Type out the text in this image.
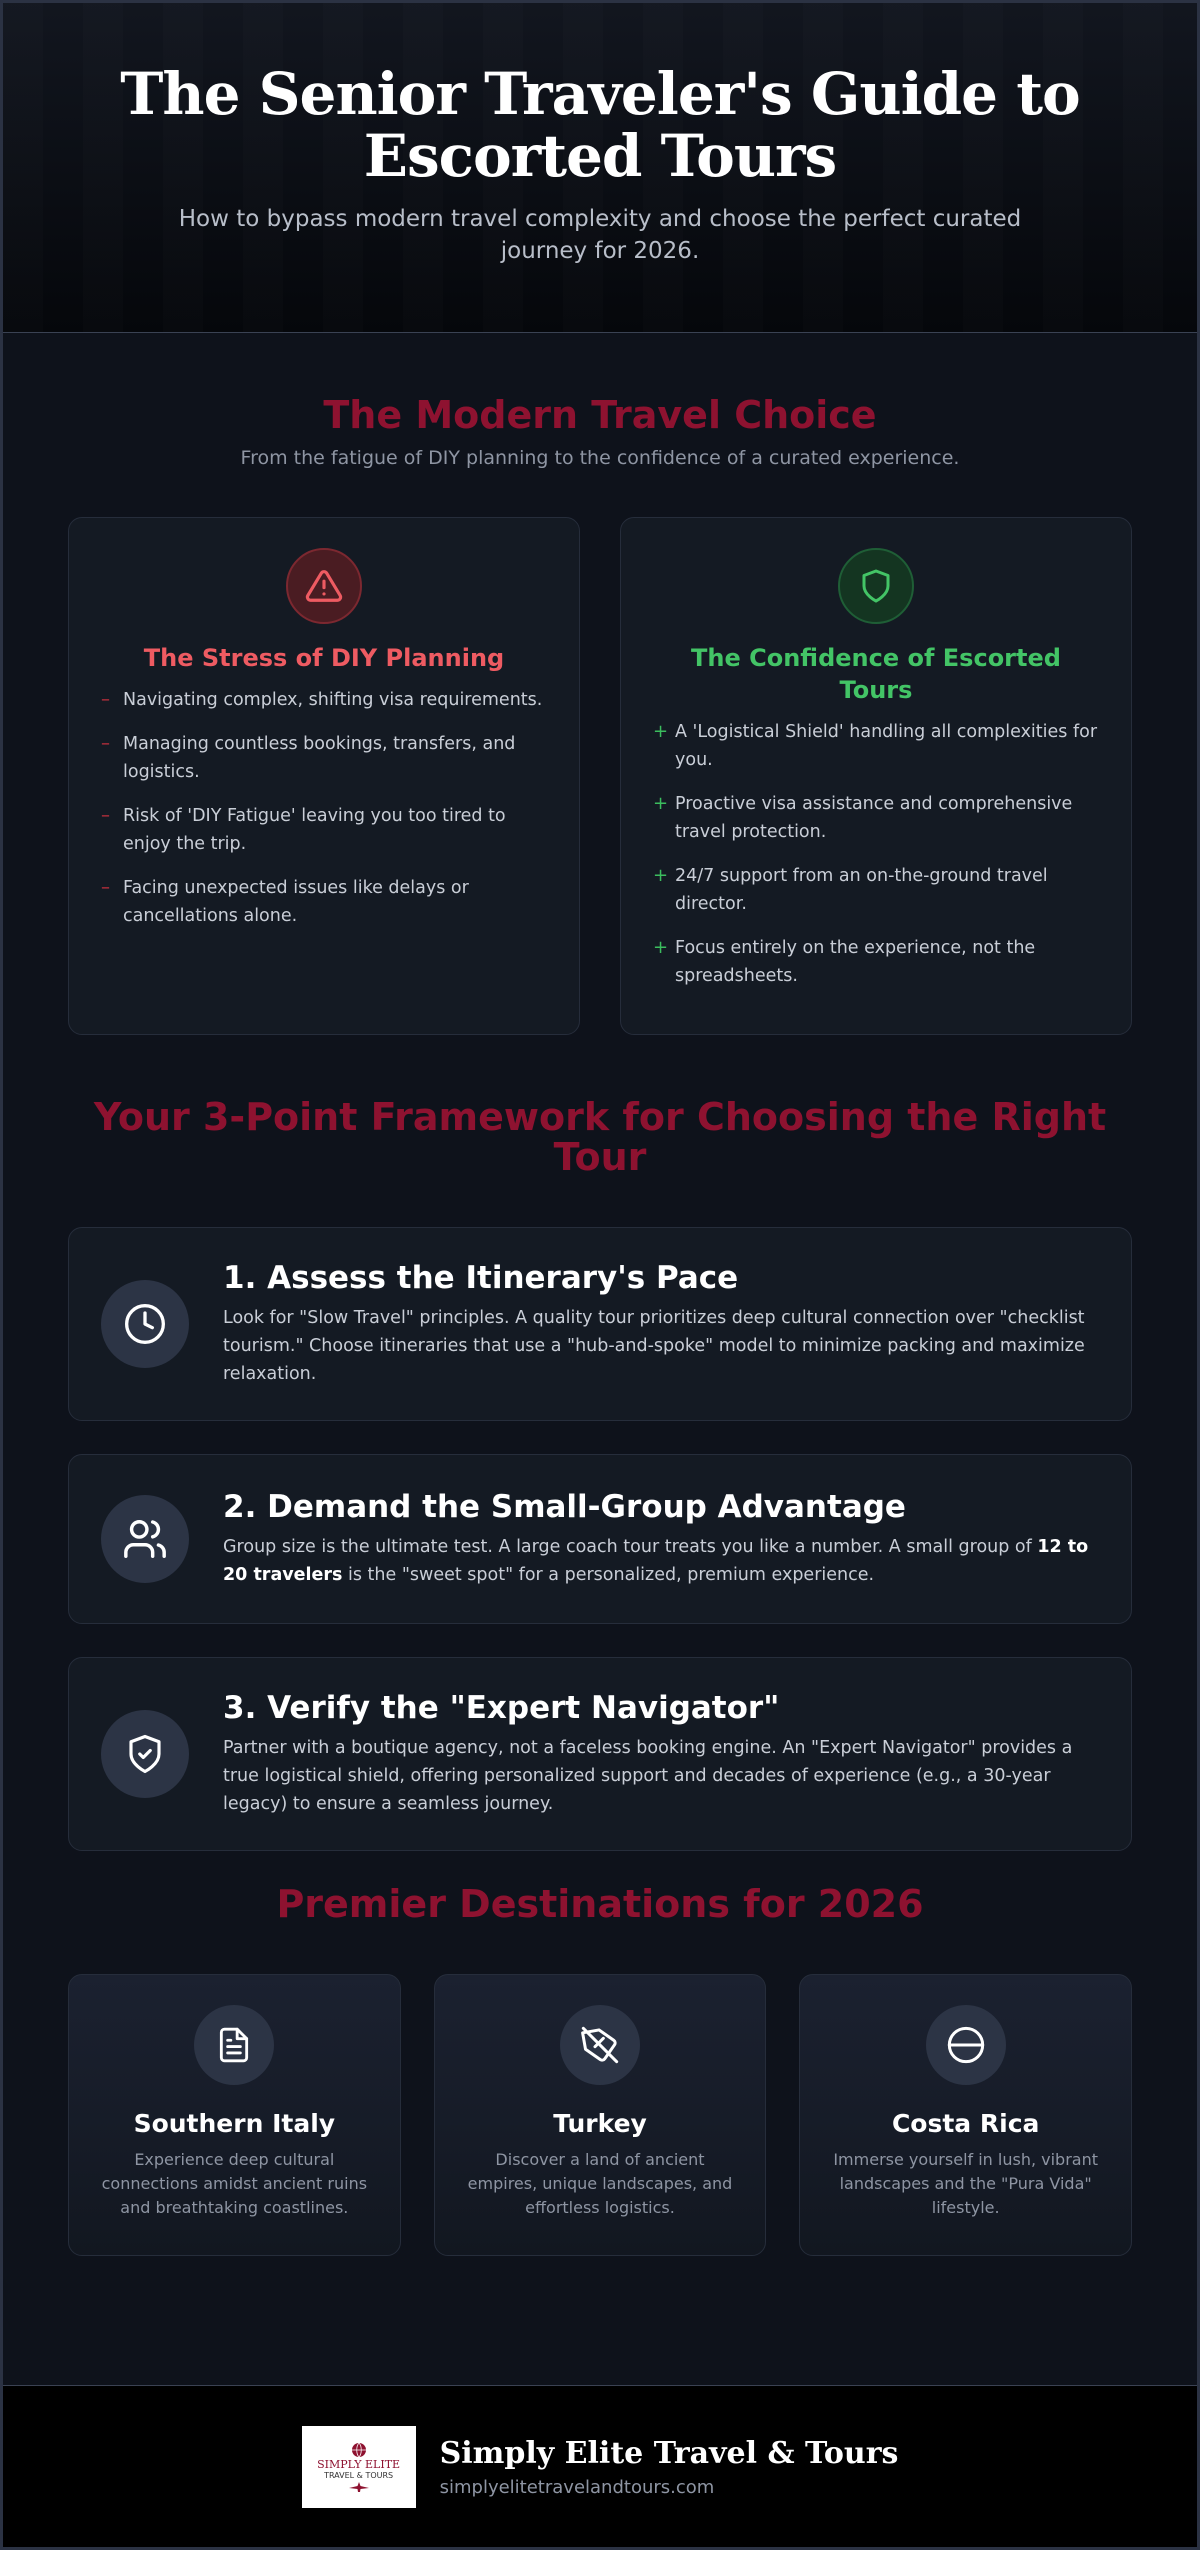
The Senior Traveler's Guide to Escorted Tours

How to bypass modern travel complexity and choose the perfect curated journey for 2026.

The Modern Travel Choice

From the fatigue of DIY planning to the confidence of a curated experience.

The Stress of DIY Planning
– Navigating complex, shifting visa requirements.
– Managing countless bookings, transfers, and logistics.
– Risk of 'DIY Fatigue' leaving you too tired to enjoy the trip.
– Facing unexpected issues like delays or cancellations alone.
The Confidence of Escorted Tours
+ A 'Logistical Shield' handling all complexities for you.
+ Proactive visa assistance and comprehensive travel protection.
+ 24/7 support from an on-the-ground travel director.
+ Focus entirely on the experience, not the spreadsheets.
Your 3-Point Framework for Choosing the Right Tour
1. Assess the Itinerary's Pace

Look for "Slow Travel" principles. A quality tour prioritizes deep cultural connection over "checklist tourism." Choose itineraries that use a "hub-and-spoke" model to minimize packing and maximize relaxation.

2. Demand the Small-Group Advantage

Group size is the ultimate test. A large coach tour treats you like a number. A small group of 12 to 20 travelers is the "sweet spot" for a personalized, premium experience.

3. Verify the "Expert Navigator"

Partner with a boutique agency, not a faceless booking engine. An "Expert Navigator" provides a true logistical shield, offering personalized support and decades of experience (e.g., a 30-year legacy) to ensure a seamless journey.

Premier Destinations for 2026
Southern Italy

Experience deep cultural connections amidst ancient ruins and breathtaking coastlines.

Turkey

Discover a land of ancient empires, unique landscapes, and effortless logistics.

Costa Rica

Immerse yourself in lush, vibrant landscapes and the "Pura Vida" lifestyle.

SIMPLY ELITE
TRAVEL & TOURS
Simply Elite Travel & Tours
simplyelitetravelandtours.com
